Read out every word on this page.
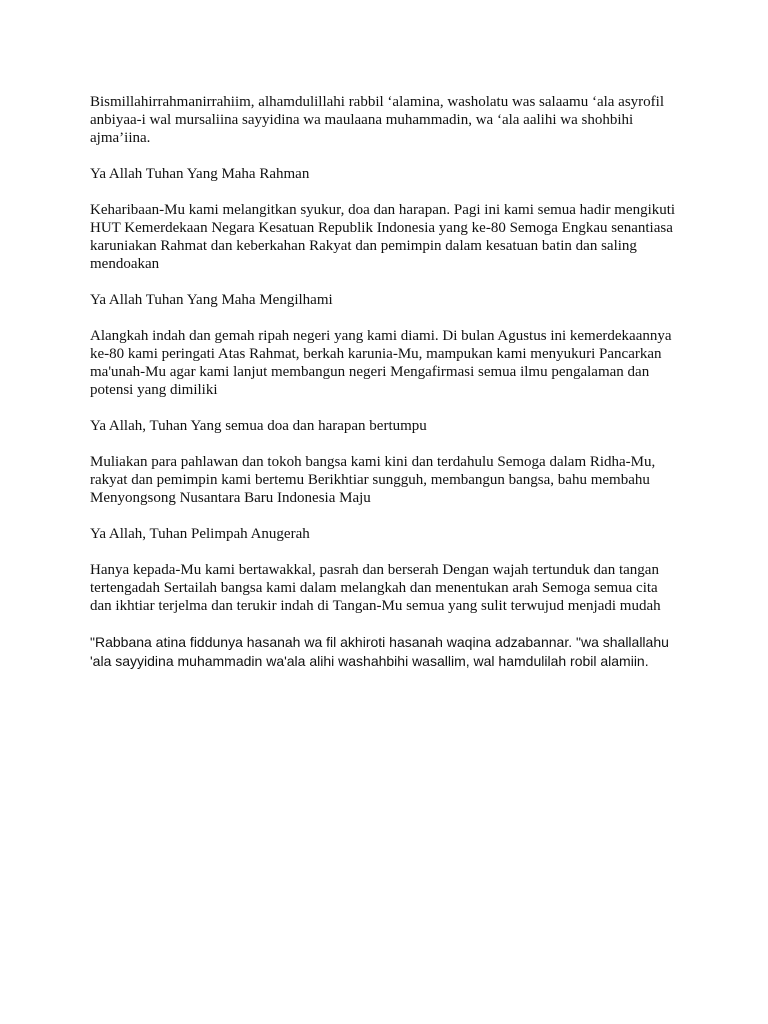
Bismillahirrahmanirrahiim, alhamdulillahi rabbil ‘alamina, washolatu was salaamu ‘ala asyrofil anbiyaa-i wal mursaliina sayyidina wa maulaana muhammadin, wa ‘ala aalihi wa shohbihi ajma’iina.

Ya Allah Tuhan Yang Maha Rahman

Keharibaan-Mu kami melangitkan syukur, doa dan harapan. Pagi ini kami semua hadir mengikuti HUT Kemerdekaan Negara Kesatuan Republik Indonesia yang ke-80 Semoga Engkau senantiasa karuniakan Rahmat dan keberkahan Rakyat dan pemimpin dalam kesatuan batin dan saling mendoakan

Ya Allah Tuhan Yang Maha Mengilhami

Alangkah indah dan gemah ripah negeri yang kami diami. Di bulan Agustus ini kemerdekaannya ke-80 kami peringati Atas Rahmat, berkah karunia-Mu, mampukan kami menyukuri Pancarkan ma'unah-Mu agar kami lanjut membangun negeri Mengafirmasi semua ilmu pengalaman dan potensi yang dimiliki

Ya Allah, Tuhan Yang semua doa dan harapan bertumpu

Muliakan para pahlawan dan tokoh bangsa kami kini dan terdahulu Semoga dalam Ridha-Mu, rakyat dan pemimpin kami bertemu Berikhtiar sungguh, membangun bangsa, bahu membahu Menyongsong Nusantara Baru Indonesia Maju

Ya Allah, Tuhan Pelimpah Anugerah

Hanya kepada-Mu kami bertawakkal, pasrah dan berserah Dengan wajah tertunduk dan tangan tertengadah Sertailah bangsa kami dalam melangkah dan menentukan arah Semoga semua cita dan ikhtiar terjelma dan terukir indah di Tangan-Mu semua yang sulit terwujud menjadi mudah

"Rabbana atina fiddunya hasanah wa fil akhiroti hasanah waqina adzabannar. "wa shallallahu 'ala sayyidina muhammadin wa'ala alihi washahbihi wasallim, wal hamdulilah robil alamiin.
